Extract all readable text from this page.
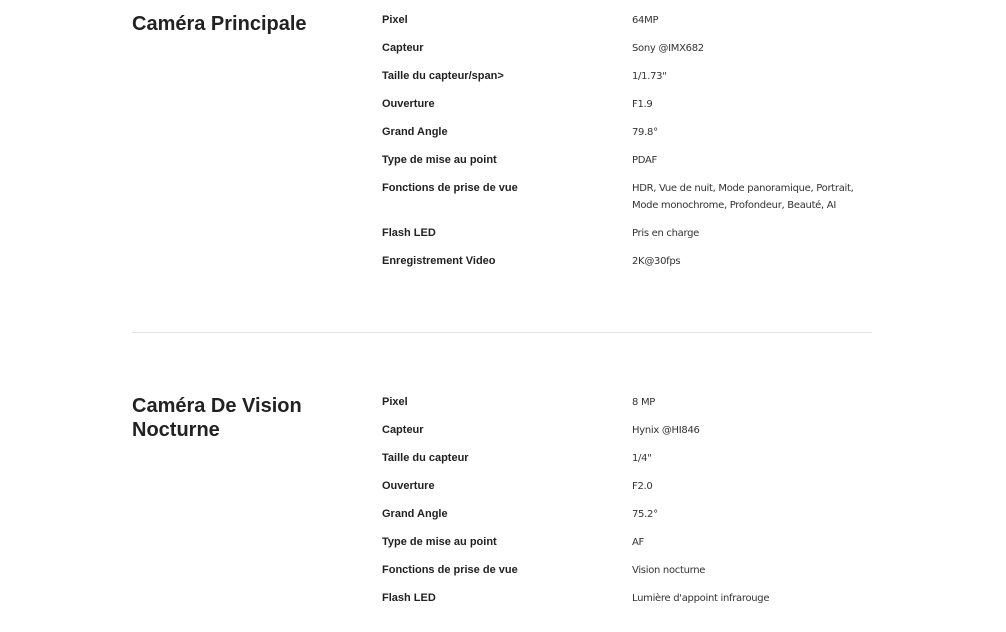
Caméra Principale	Pixel	64MP
Capteur	Sony @IMX682
Taille du capteur/span>	1/1.73"
Ouverture	F1.9
Grand Angle	79.8°
Type de mise au point	PDAF
Fonctions de prise de vue	HDR, Vue de nuit, Mode panoramique, Portrait, Mode monochrome, Profondeur, Beauté, AI
Flash LED	Pris en charge
Enregistrement Video	2K@30fps
Caméra De Vision Nocturne
Pixel	8 MP
Capteur	Hynix @HI846
Taille du capteur	1/4"
Ouverture	F2.0
Grand Angle	75.2°
Type de mise au point	AF
Fonctions de prise de vue	Vision nocturne
Flash LED	Lumière d'appoint infrarouge
